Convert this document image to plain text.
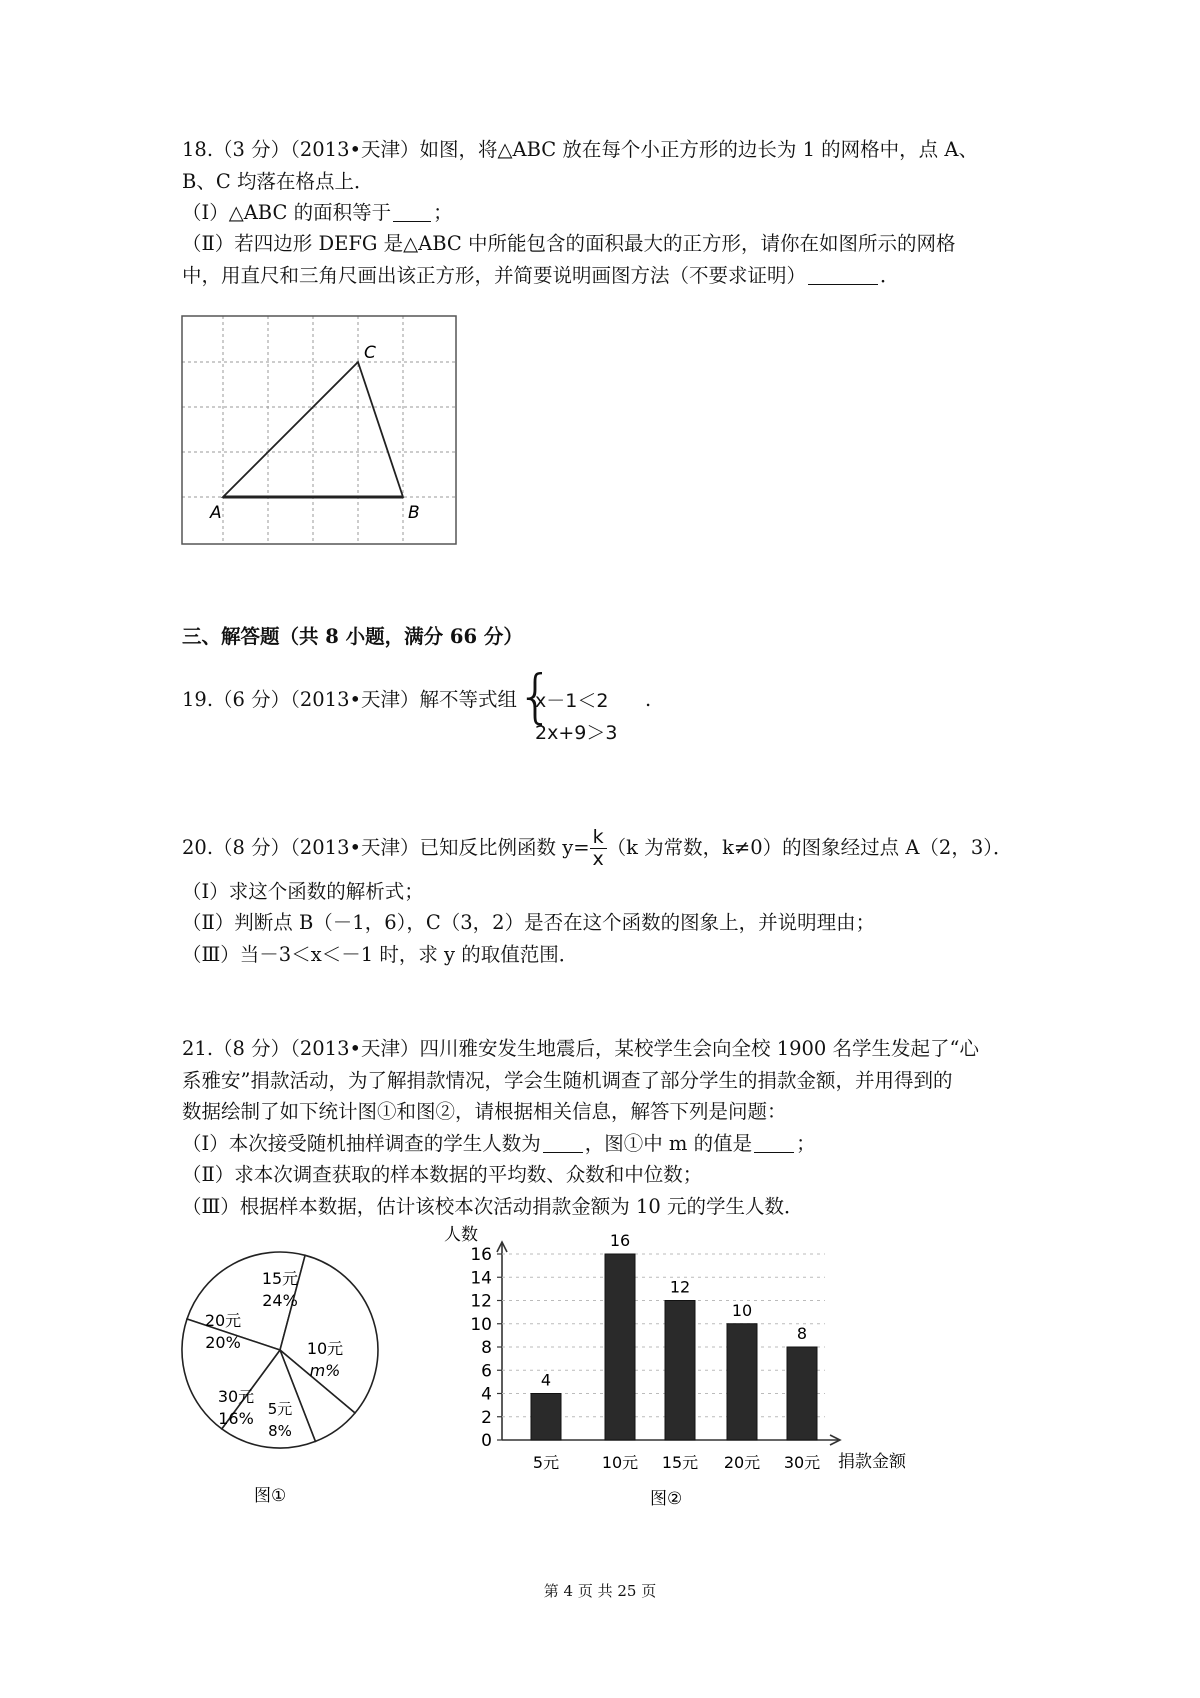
18.（3 分）（2013•天津）如图，将△ABC 放在每个小正方形的边长为 1 的网格中，点 A、
B、C 均落在格点上．
（Ⅰ）△ABC 的面积等于 ；
（Ⅱ）若四边形 DEFG 是△ABC 中所能包含的面积最大的正方形，请你在如图所示的网格
中，用直尺和三角尺画出该正方形，并简要说明画图方法（不要求证明）	．
A	B
C
三、解答题（共 8 小题，满分 66 分）
19.（6 分）（2013•天津）解不等式组 {
x－1＜2
2x+9＞3
.
20.（8 分）（2013•天津）已知反比例函数 $y= \frac{k}{x} (k$ 为常数，k≠0）的图象经过点 A（2，3）．
（Ⅰ）求这个函数的解析式；
（Ⅱ）判断点 B（－1，6），C（3，2）是否在这个函数的图象上，并说明理由；
（Ⅲ）当－3＜x＜－1 时，求 y 的取值范围．
21.（8 分）（2013•天津）四川雅安发生地震后，某校学生会向全校 1900 名学生发起了“心
系雅安”捐款活动，为了解捐款情况，学会生随机调查了部分学生的捐款金额，并用得到的
数据绘制了如下统计图①和图②，请根据相关信息，解答下列是问题：
（Ⅰ）本次接受随机抽样调查的学生人数为 ，图①中 m 的值是 ；
（Ⅱ）求本次调查获取的样本数据的平均数、众数和中位数；
（Ⅲ）根据样本数据，估计该校本次活动捐款金额为 10 元的学生人数．
15元
24%
10元
m%
5元
8%
30元
16%
20元
20%
图①
0
2
4
6
8
10
12
14
16
4
5元
16
10元
12
15元
10
20元
8
30元
人数
捐款金额
图②
第 4 页 共 25 页
